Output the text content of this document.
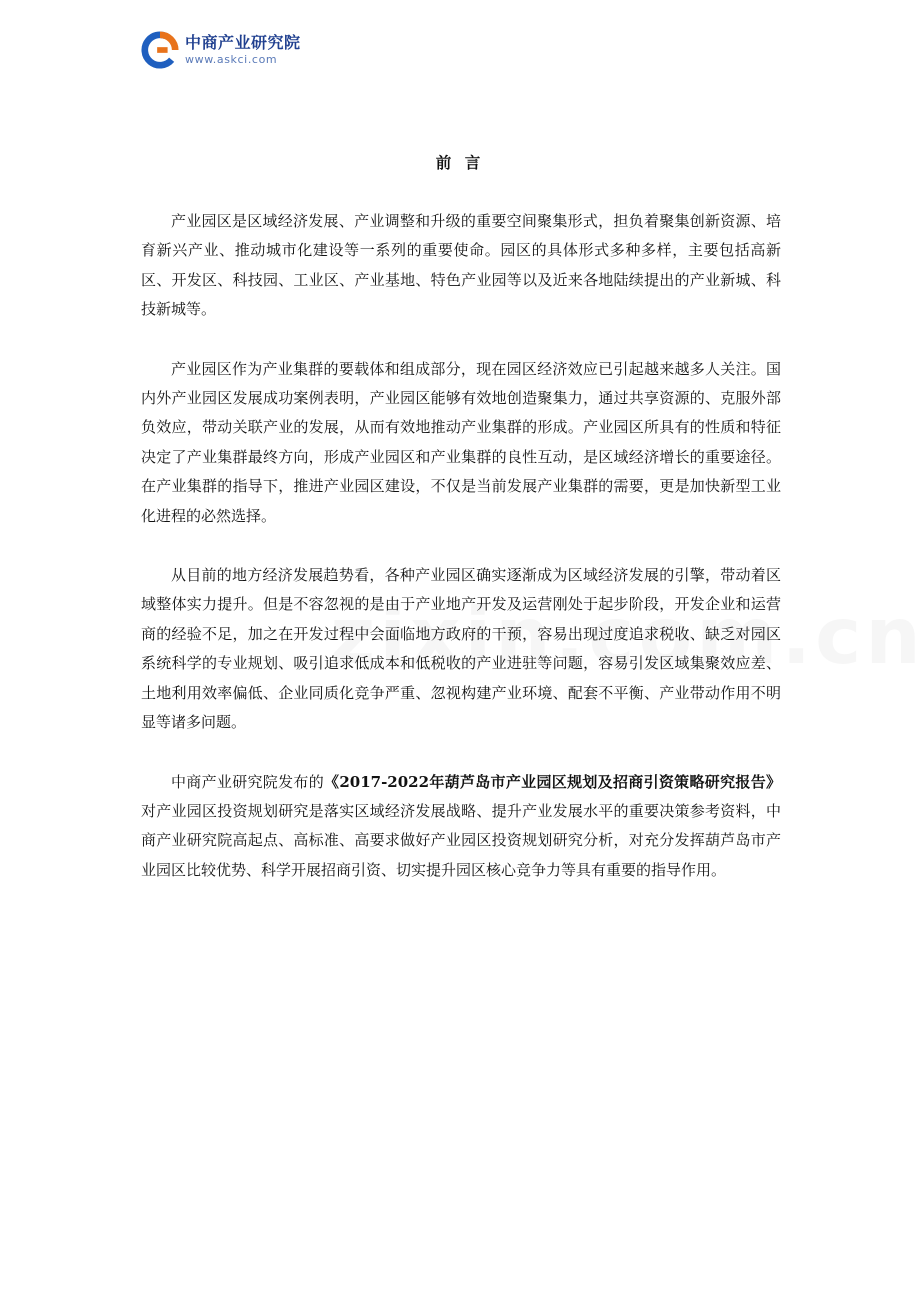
中商产业研究院
www.askci.com
前 言

产业园区是区域经济发展、产业调整和升级的重要空间聚集形式，担负着聚集创新资源、培育新兴产业、推动城市化建设等一系列的重要使命。园区的具体形式多种多样，主要包括高新区、开发区、科技园、工业区、产业基地、特色产业园等以及近来各地陆续提出的产业新城、科技新城等。

产业园区作为产业集群的要载体和组成部分，现在园区经济效应已引起越来越多人关注。国内外产业园区发展成功案例表明，产业园区能够有效地创造聚集力，通过共享资源的、克服外部负效应，带动关联产业的发展，从而有效地推动产业集群的形成。产业园区所具有的性质和特征决定了产业集群最终方向，形成产业园区和产业集群的良性互动，是区域经济增长的重要途径。在产业集群的指导下，推进产业园区建设，不仅是当前发展产业集群的需要，更是加快新型工业化进程的必然选择。

从目前的地方经济发展趋势看，各种产业园区确实逐渐成为区域经济发展的引擎，带动着区域整体实力提升。但是不容忽视的是由于产业地产开发及运营刚处于起步阶段，开发企业和运营商的经验不足，加之在开发过程中会面临地方政府的干预，容易出现过度追求税收、缺乏对园区系统科学的专业规划、吸引追求低成本和低税收的产业进驻等问题，容易引发区域集聚效应差、土地利用效率偏低、企业同质化竞争严重、忽视构建产业环境、配套不平衡、产业带动作用不明显等诸多问题。

中商产业研究院发布的《2017-2022年葫芦岛市产业园区规划及招商引资策略研究报告》对产业园区投资规划研究是落实区域经济发展战略、提升产业发展水平的重要决策参考资料，中商产业研究院高起点、高标准、高要求做好产业园区投资规划研究分析，对充分发挥葫芦岛市产业园区比较优势、科学开展招商引资、切实提升园区核心竞争力等具有重要的指导作用。
